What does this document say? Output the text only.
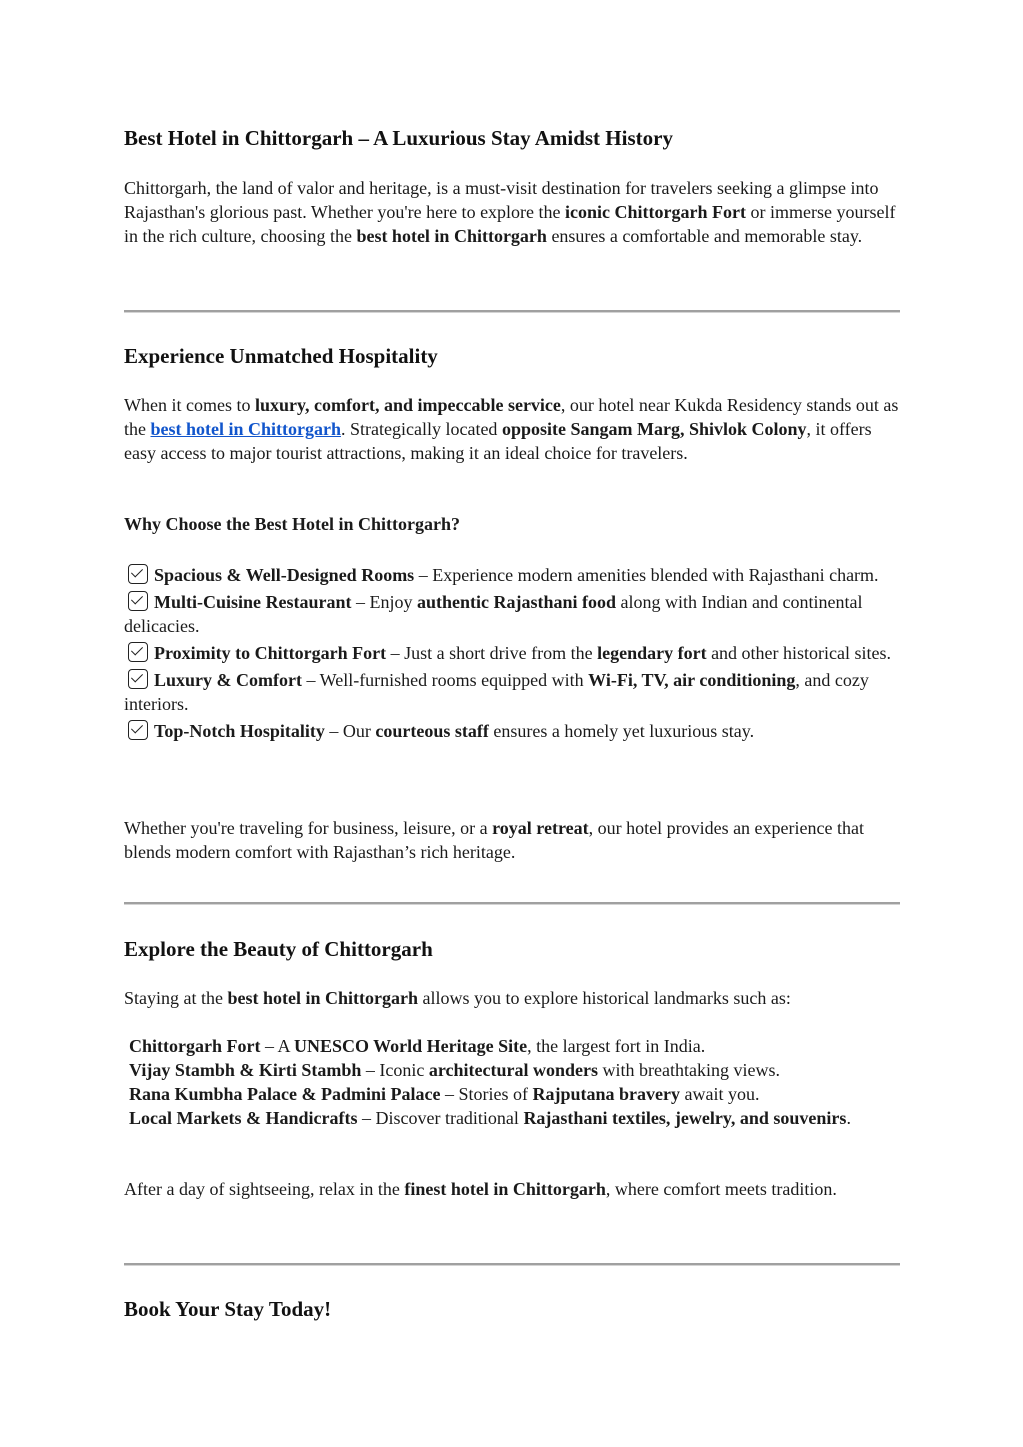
Best Hotel in Chittorgarh – A Luxurious Stay Amidst History

Chittorgarh, the land of valor and heritage, is a must-visit destination for travelers seeking a glimpse into Rajasthan's glorious past. Whether you're here to explore the iconic Chittorgarh Fort or immerse yourself in the rich culture, choosing the best hotel in Chittorgarh ensures a comfortable and memorable stay.

Experience Unmatched Hospitality

When it comes to luxury, comfort, and impeccable service, our hotel near Kukda Residency stands out as the best hotel in Chittorgarh. Strategically located opposite Sangam Marg, Shivlok Colony, it offers easy access to major tourist attractions, making it an ideal choice for travelers.

Why Choose the Best Hotel in Chittorgarh?
Spacious & Well-Designed Rooms – Experience modern amenities blended with Rajasthani charm.
Multi-Cuisine Restaurant – Enjoy authentic Rajasthani food along with Indian and continental delicacies.
Proximity to Chittorgarh Fort – Just a short drive from the legendary fort and other historical sites.
Luxury & Comfort – Well-furnished rooms equipped with Wi-Fi, TV, air conditioning, and cozy interiors.
Top-Notch Hospitality – Our courteous staff ensures a homely yet luxurious stay.

Whether you're traveling for business, leisure, or a royal retreat, our hotel provides an experience that blends modern comfort with Rajasthan’s rich heritage.

Explore the Beauty of Chittorgarh

Staying at the best hotel in Chittorgarh allows you to explore historical landmarks such as:

Chittorgarh Fort – A UNESCO World Heritage Site, the largest fort in India.
Vijay Stambh & Kirti Stambh – Iconic architectural wonders with breathtaking views.
Rana Kumbha Palace & Padmini Palace – Stories of Rajputana bravery await you.
Local Markets & Handicrafts – Discover traditional Rajasthani textiles, jewelry, and souvenirs.

After a day of sightseeing, relax in the finest hotel in Chittorgarh, where comfort meets tradition.

Book Your Stay Today!
